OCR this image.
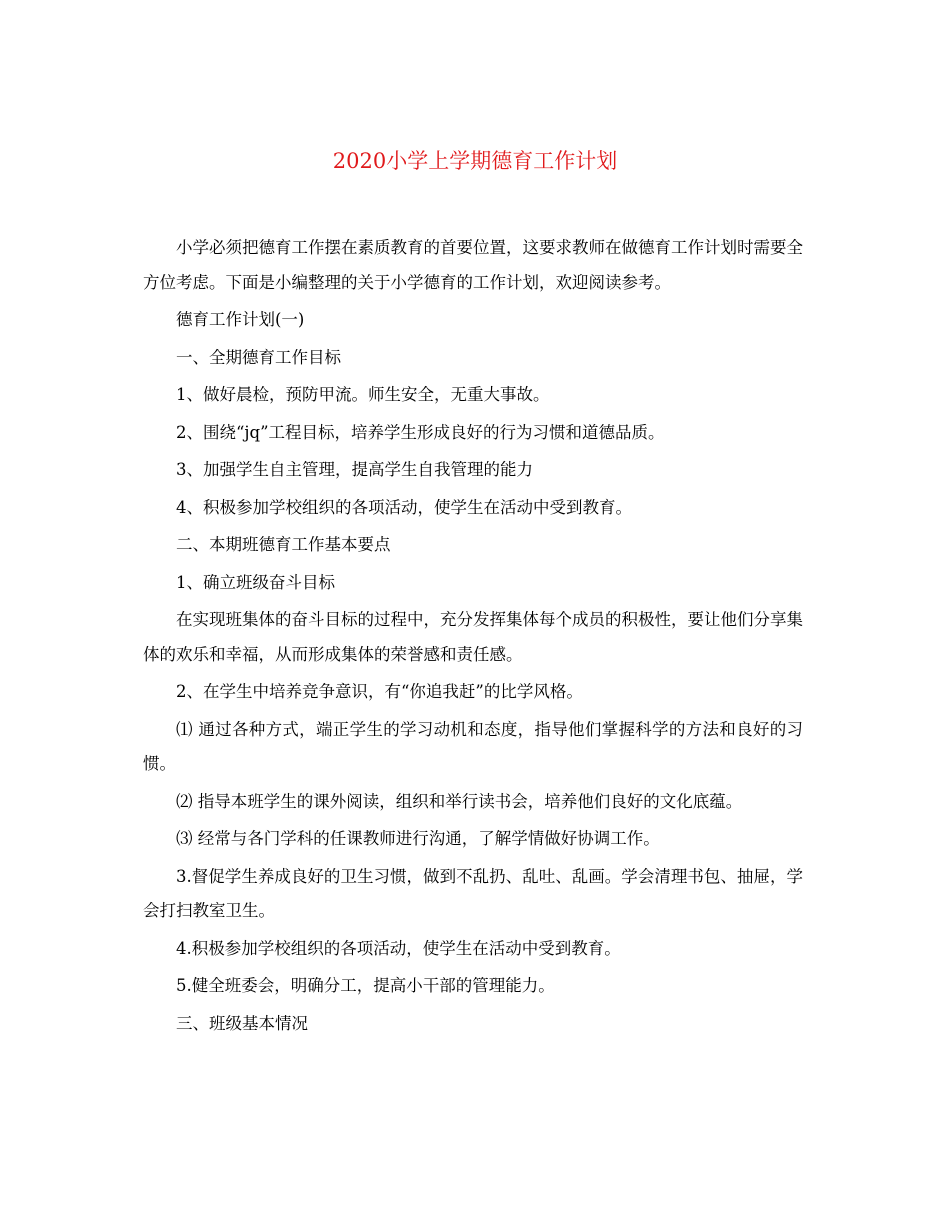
2020小学上学期德育工作计划

小学必须把德育工作摆在素质教育的首要位置，这要求教师在做德育工作计划时需要全方位考虑。下面是小编整理的关于小学德育的工作计划，欢迎阅读参考。

德育工作计划(一)

一、全期德育工作目标

1、做好晨检，预防甲流。师生安全，无重大事故。

2、围绕“jq”工程目标，培养学生形成良好的行为习惯和道德品质。

3、加强学生自主管理，提高学生自我管理的能力

4、积极参加学校组织的各项活动，使学生在活动中受到教育。

二、本期班德育工作基本要点

1、确立班级奋斗目标

在实现班集体的奋斗目标的过程中，充分发挥集体每个成员的积极性，要让他们分享集体的欢乐和幸福，从而形成集体的荣誉感和责任感。

2、在学生中培养竞争意识，有“你追我赶”的比学风格。

⑴ 通过各种方式，端正学生的学习动机和态度，指导他们掌握科学的方法和良好的习惯。

⑵ 指导本班学生的课外阅读，组织和举行读书会，培养他们良好的文化底蕴。

⑶ 经常与各门学科的任课教师进行沟通，了解学情做好协调工作。

3.督促学生养成良好的卫生习惯，做到不乱扔、乱吐、乱画。学会清理书包、抽屉，学会打扫教室卫生。

4.积极参加学校组织的各项活动，使学生在活动中受到教育。

5.健全班委会，明确分工，提高小干部的管理能力。

三、班级基本情况
